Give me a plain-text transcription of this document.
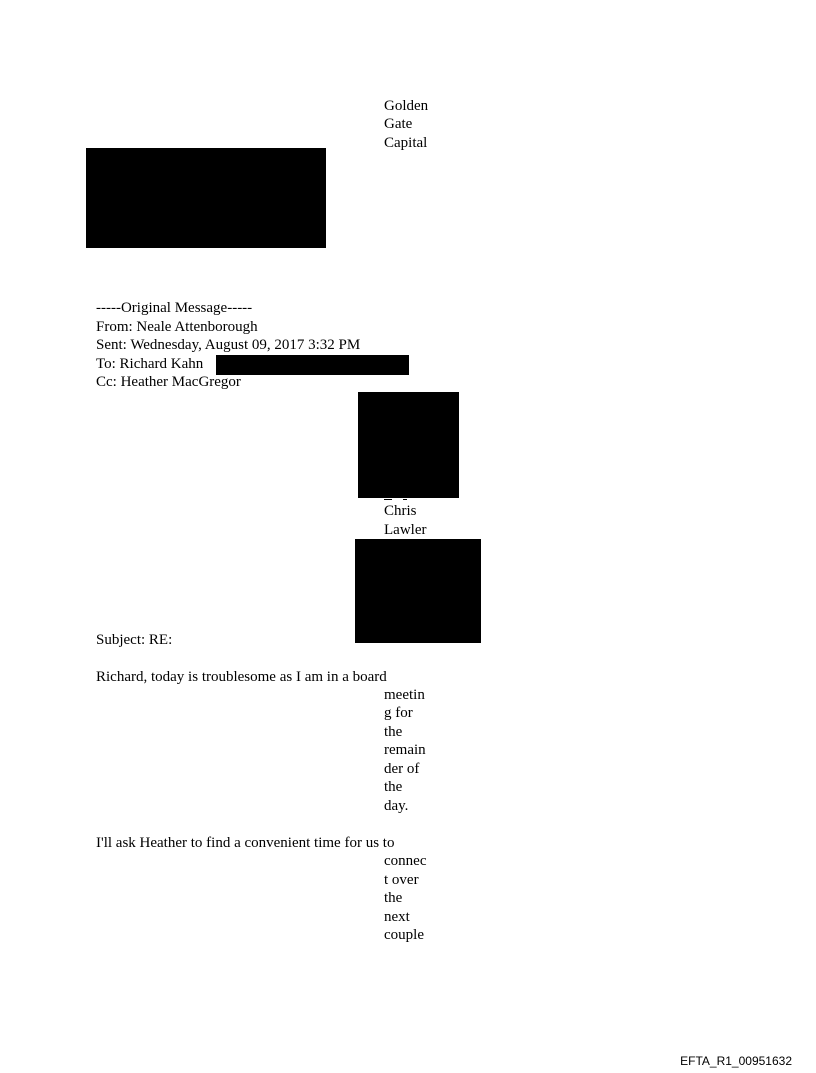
Golden
Gate
Capital
-----Original Message-----
From: Neale Attenborough
Sent: Wednesday, August 09, 2017 3:32 PM
To: Richard Kahn
Cc: Heather MacGregor
Chris
Lawler
Subject: RE:
Richard, today is troublesome as I am in a board
meetin
g for
the
remain
der of
the
day.
I'll ask Heather to find a convenient time for us to
connec
t over
the
next
couple
EFTA_R1_00951632
